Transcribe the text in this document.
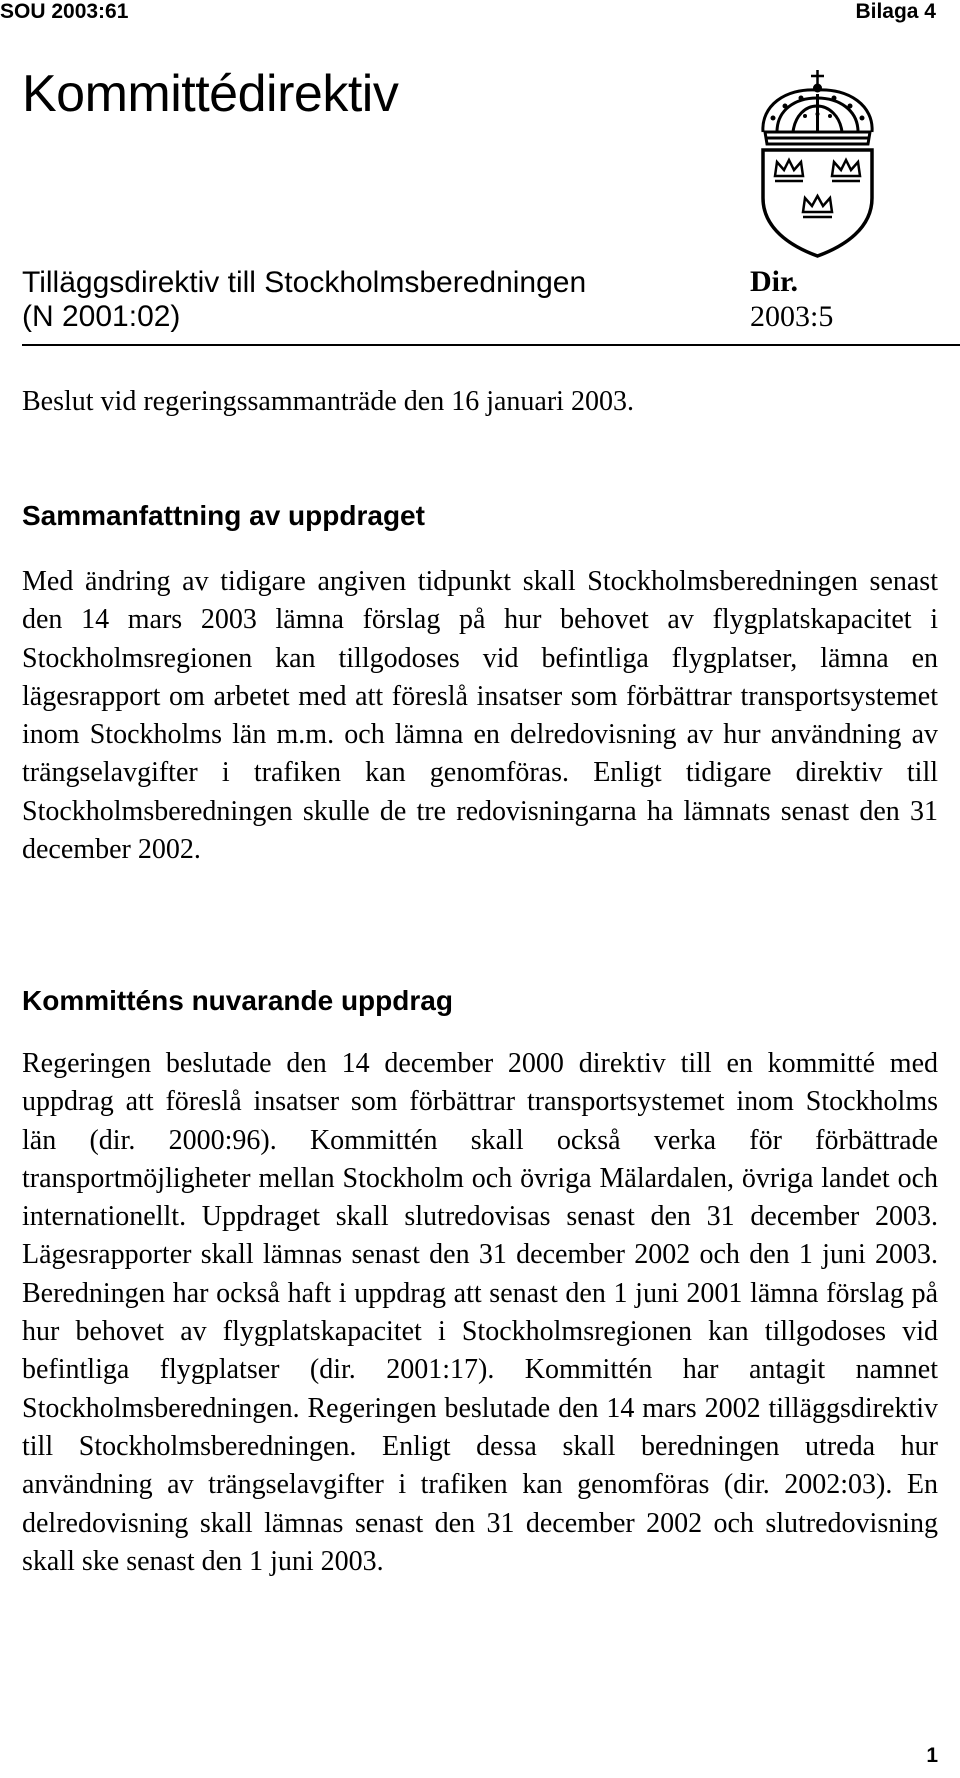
SOU 2003:61	Bilaga 4
Kommittédirektiv
Tilläggsdirektiv till Stockholmsberedningen
(N 2001:02)
Dir.
2003:5
Beslut vid regeringssammanträde den 16 januari 2003.
Sammanfattning av uppdraget

Med ändring av tidigare angiven tidpunkt skall Stockholmsberedningen senast den 14 mars 2003 lämna förslag på hur behovet av flygplatskapacitet i Stockholmsregionen kan tillgodoses vid befintliga flygplatser, lämna en lägesrapport om arbetet med att föreslå insatser som förbättrar transportsystemet inom Stockholms län m.m. och lämna en delredovisning av hur användning av trängselavgifter i trafiken kan genomföras. Enligt tidigare direktiv till Stockholmsberedningen skulle de tre redovisningarna ha lämnats senast den 31 december 2002.

Kommitténs nuvarande uppdrag

Regeringen beslutade den 14 december 2000 direktiv till en kommitté med uppdrag att föreslå insatser som förbättrar transportsystemet inom Stockholms län (dir. 2000:96). Kommittén skall också verka för förbättrade transportmöjligheter mellan Stockholm och övriga Mälardalen, övriga landet och internationellt. Uppdraget skall slutredovisas senast den 31 december 2003. Lägesrapporter skall lämnas senast den 31 december 2002 och den 1 juni 2003. Beredningen har också haft i uppdrag att senast den 1 juni 2001 lämna förslag på hur behovet av flygplatskapacitet i Stockholmsregionen kan tillgodoses vid befintliga flygplatser (dir. 2001:17). Kommittén har antagit namnet Stockholmsberedningen. Regeringen beslutade den 14 mars 2002 tilläggsdirektiv till Stockholmsberedningen. Enligt dessa skall beredningen utreda hur användning av trängselavgifter i trafiken kan genomföras (dir. 2002:03). En delredovisning skall lämnas senast den 31 december 2002 och slutredovisning skall ske senast den 1 juni 2003.

1
